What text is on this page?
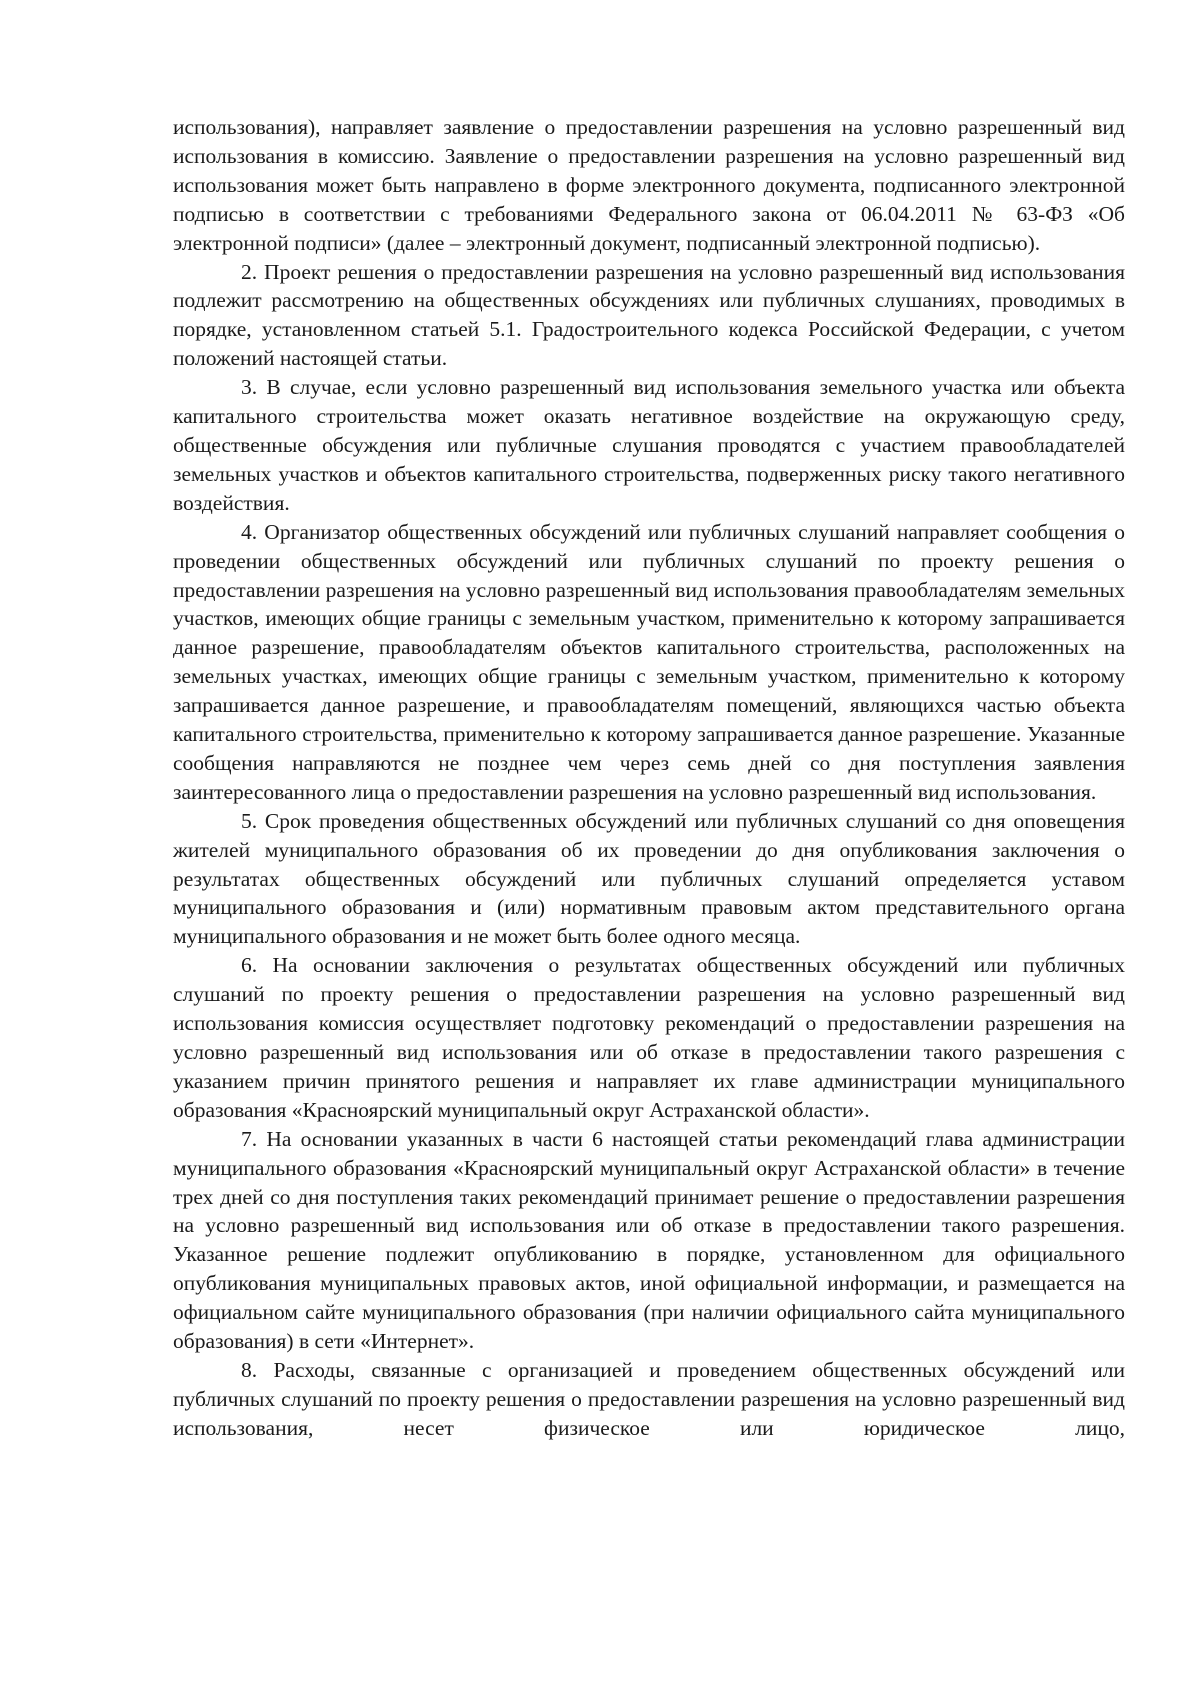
использования), направляет заявление о предоставлении разрешения на условно разрешенный вид использования в комиссию. Заявление о предоставлении разрешения на условно разрешенный вид использования может быть направлено в форме электронного документа, подписанного электронной подписью в соответствии с требованиями Федерального закона от 06.04.2011 № 63-ФЗ «Об электронной подписи» (далее – электронный документ, подписанный электронной подписью).

2. Проект решения о предоставлении разрешения на условно разрешенный вид использования подлежит рассмотрению на общественных обсуждениях или публичных слушаниях, проводимых в порядке, установленном статьей 5.1. Градостроительного кодекса Российской Федерации, с учетом положений настоящей статьи.

3. В случае, если условно разрешенный вид использования земельного участка или объекта капитального строительства может оказать негативное воздействие на окружающую среду, общественные обсуждения или публичные слушания проводятся с участием правообладателей земельных участков и объектов капитального строительства, подверженных риску такого негативного воздействия.

4. Организатор общественных обсуждений или публичных слушаний направляет сообщения о проведении общественных обсуждений или публичных слушаний по проекту решения о предоставлении разрешения на условно разрешенный вид использования правообладателям земельных участков, имеющих общие границы с земельным участком, применительно к которому запрашивается данное разрешение, правообладателям объектов капитального строительства, расположенных на земельных участках, имеющих общие границы с земельным участком, применительно к которому запрашивается данное разрешение, и правообладателям помещений, являющихся частью объекта капитального строительства, применительно к которому запрашивается данное разрешение. Указанные сообщения направляются не позднее чем через семь дней со дня поступления заявления заинтересованного лица о предоставлении разрешения на условно разрешенный вид использования.

5. Срок проведения общественных обсуждений или публичных слушаний со дня оповещения жителей муниципального образования об их проведении до дня опубликования заключения о результатах общественных обсуждений или публичных слушаний определяется уставом муниципального образования и (или) нормативным правовым актом представительного органа муниципального образования и не может быть более одного месяца.

6. На основании заключения о результатах общественных обсуждений или публичных слушаний по проекту решения о предоставлении разрешения на условно разрешенный вид использования комиссия осуществляет подготовку рекомендаций о предоставлении разрешения на условно разрешенный вид использования или об отказе в предоставлении такого разрешения с указанием причин принятого решения и направляет их главе администрации муниципального образования «Красноярский муниципальный округ Астраханской области».

7. На основании указанных в части 6 настоящей статьи рекомендаций глава администрации муниципального образования «Красноярский муниципальный округ Астраханской области» в течение трех дней со дня поступления таких рекомендаций принимает решение о предоставлении разрешения на условно разрешенный вид использования или об отказе в предоставлении такого разрешения. Указанное решение подлежит опубликованию в порядке, установленном для официального опубликования муниципальных правовых актов, иной официальной информации, и размещается на официальном сайте муниципального образования (при наличии официального сайта муниципального образования) в сети «Интернет».

8. Расходы, связанные с организацией и проведением общественных обсуждений или публичных слушаний по проекту решения о предоставлении разрешения на условно разрешенный вид использования, несет физическое или юридическое лицо,
